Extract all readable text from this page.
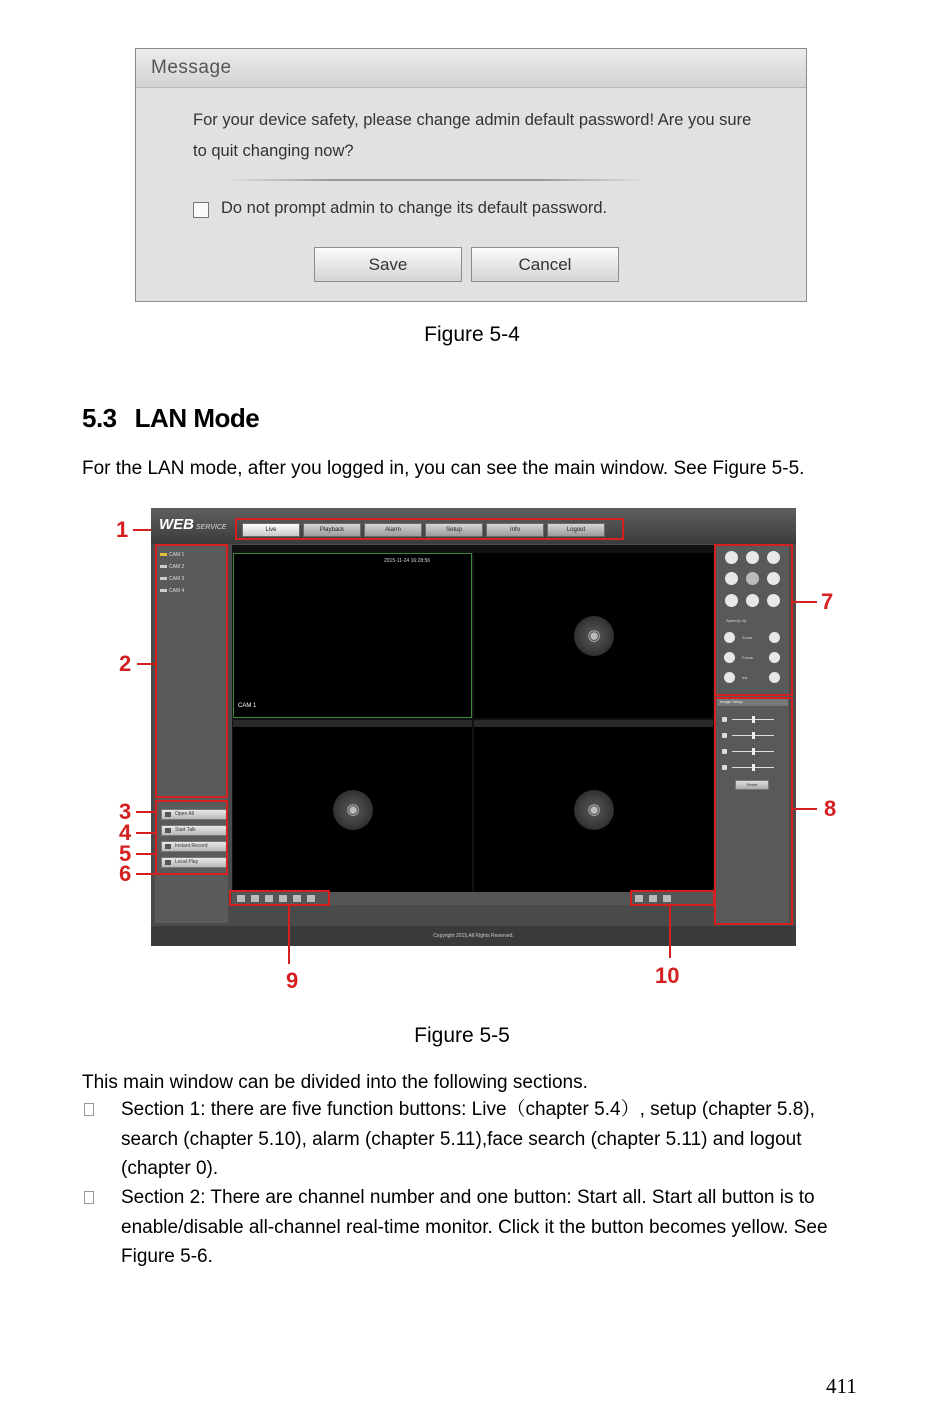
Message
For your device safety, please change admin default password! Are you sure to quit changing now?
Do not prompt admin to change its default password.
Save	Cancel
Figure 5-4
5.3 LAN Mode
For the LAN mode, after you logged in, you can see the main window. See Figure 5-5.
WEB SERVICE	Live	Playback	Alarm	Setup	Info	Logout
CAM 1
CAM 2
CAM 3
CAM 4
Open All
Start Talk
Instant Record
Local Play
2015-11-24 16:28:56
CAM 1
◉
◉	◉
Speed(1-8)
Zoom
Focus
Iris
Image Setup
Reset
Copyright 2015,All Rights Reserved.
1
2
3
4
5
6
7
8
9	10
Figure 5-5
This main window can be divided into the following sections.
Section 1: there are five function buttons: Live（chapter 5.4）, setup (chapter 5.8), search (chapter 5.10), alarm (chapter 5.11),face search (chapter 5.11) and logout (chapter 0).
Section 2: There are channel number and one button: Start all. Start all button is to enable/disable all-channel real-time monitor. Click it the button becomes yellow. See Figure 5-6.
411
